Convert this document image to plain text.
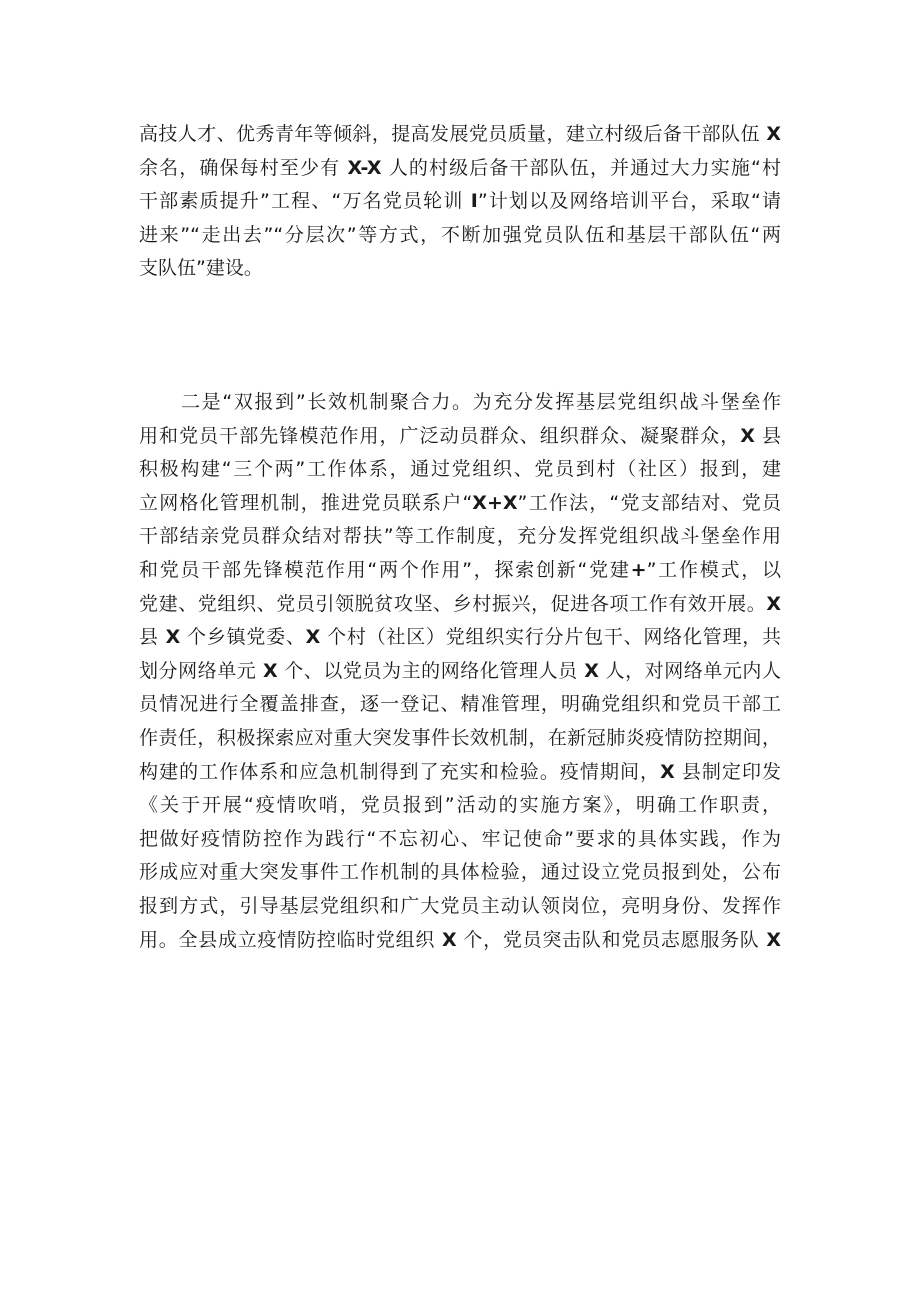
高技人才、优秀青年等倾斜，提高发展党员质量，建立村级后备干部队伍 X
余名，确保每村至少有 X-X 人的村级后备干部队伍，并通过大力实施“村
干部素质提升”工程、“万名党员轮训 I”计划以及网络培训平台，采取“请
进来”“走出去”“分层次”等方式，不断加强党员队伍和基层干部队伍“两
支队伍”建设。
二是“双报到”长效机制聚合力。为充分发挥基层党组织战斗堡垒作
用和党员干部先锋模范作用，广泛动员群众、组织群众、凝聚群众，X 县
积极构建“三个两”工作体系，通过党组织、党员到村（社区）报到，建
立网格化管理机制，推进党员联系户“X+X”工作法，“党支部结对、党员
干部结亲党员群众结对帮扶”等工作制度，充分发挥党组织战斗堡垒作用
和党员干部先锋模范作用“两个作用”，探索创新“党建+”工作模式，以
党建、党组织、党员引领脱贫攻坚、乡村振兴，促进各项工作有效开展。X
县 X 个乡镇党委、X 个村（社区）党组织实行分片包干、网络化管理，共
划分网络单元 X 个、以党员为主的网络化管理人员 X 人，对网络单元内人
员情况进行全覆盖排查，逐一登记、精准管理，明确党组织和党员干部工
作责任，积极探索应对重大突发事件长效机制，在新冠肺炎疫情防控期间，
构建的工作体系和应急机制得到了充实和检验。疫情期间，X 县制定印发
《关于开展“疫情吹哨，党员报到”活动的实施方案》，明确工作职责，
把做好疫情防控作为践行“不忘初心、牢记使命”要求的具体实践，作为
形成应对重大突发事件工作机制的具体检验，通过设立党员报到处，公布
报到方式，引导基层党组织和广大党员主动认领岗位，亮明身份、发挥作
用。全县成立疫情防控临时党组织 X 个，党员突击队和党员志愿服务队 X
